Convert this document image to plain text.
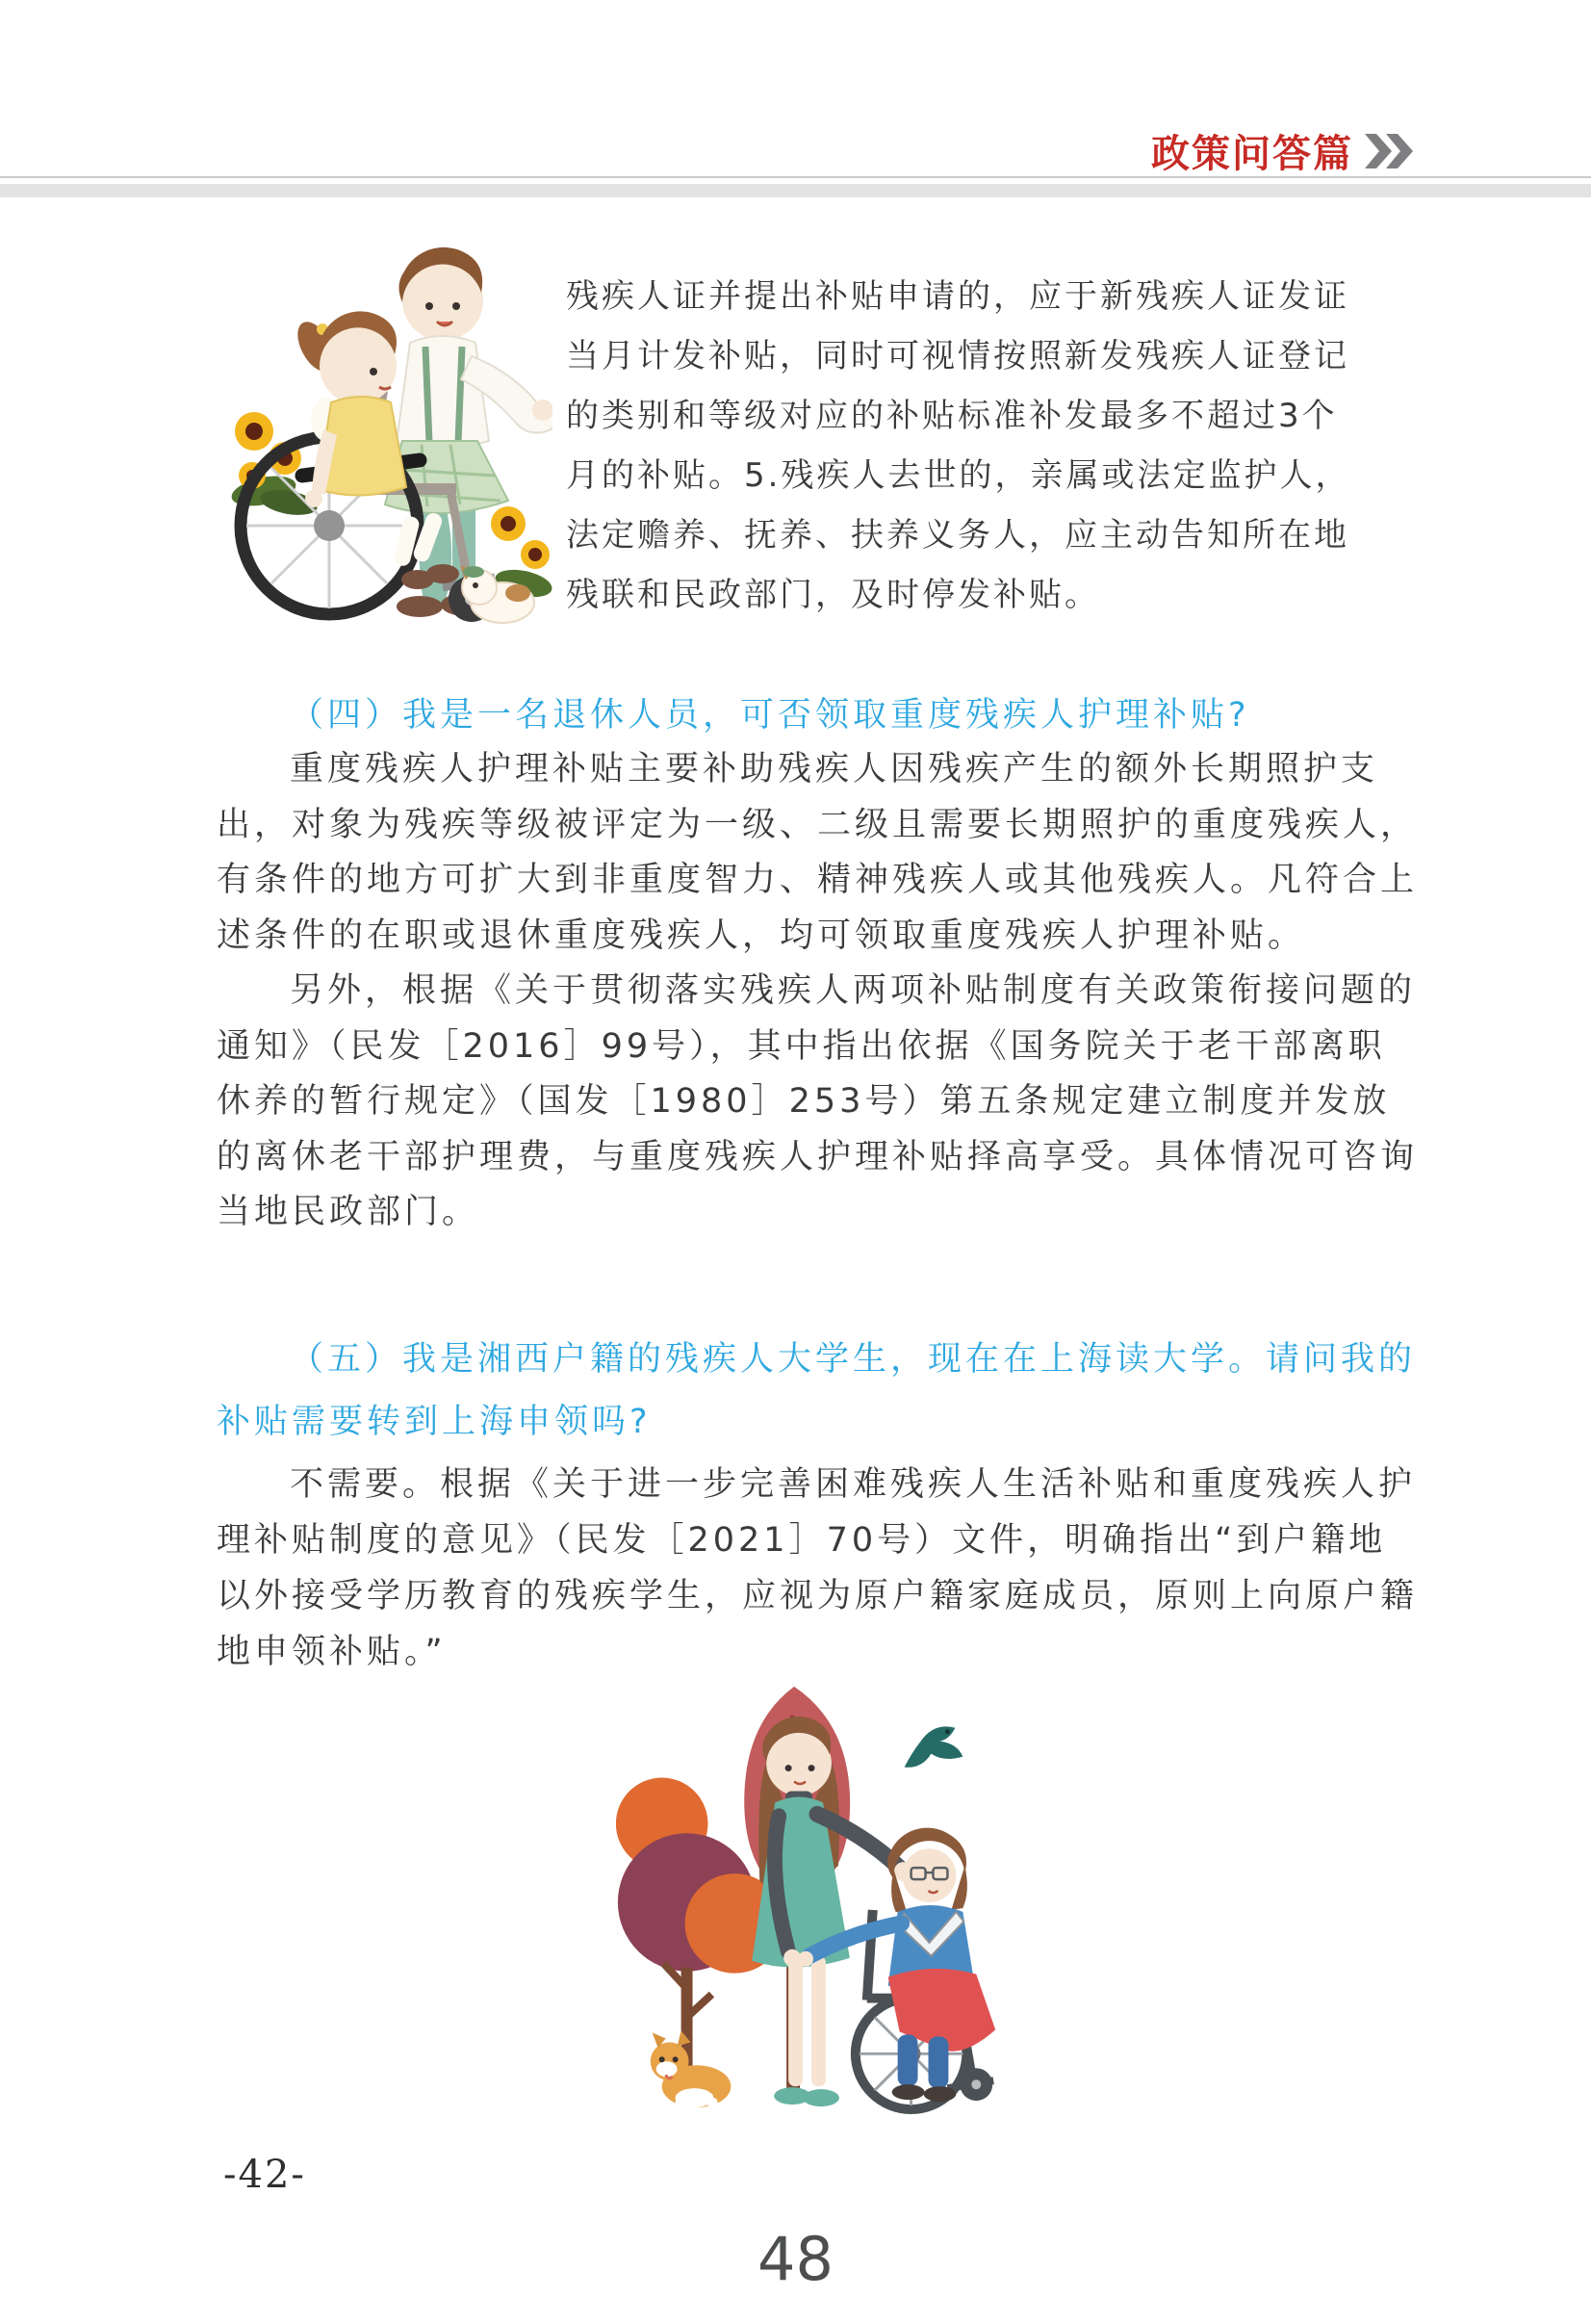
政策问答篇
残疾人证并提出补贴申请的，应于新残疾人证发证
当月计发补贴，同时可视情按照新发残疾人证登记
的类别和等级对应的补贴标准补发最多不超过3个
月的补贴。5.残疾人去世的，亲属或法定监护人，
法定赡养、抚养、扶养义务人，应主动告知所在地
残联和民政部门，及时停发补贴。
（四）我是一名退休人员，可否领取重度残疾人护理补贴?
重度残疾人护理补贴主要补助残疾人因残疾产生的额外长期照护支
出，对象为残疾等级被评定为一级、二级且需要长期照护的重度残疾人，
有条件的地方可扩大到非重度智力、精神残疾人或其他残疾人。凡符合上
述条件的在职或退休重度残疾人，均可领取重度残疾人护理补贴。
另外，根据《关于贯彻落实残疾人两项补贴制度有关政策衔接问题的
通知》（民发［2016］99号），其中指出依据《国务院关于老干部离职
休养的暂行规定》（国发［1980］253号）第五条规定建立制度并发放
的离休老干部护理费，与重度残疾人护理补贴择高享受。具体情况可咨询
当地民政部门。
（五）我是湘西户籍的残疾人大学生，现在在上海读大学。请问我的
补贴需要转到上海申领吗?
不需要。根据《关于进一步完善困难残疾人生活补贴和重度残疾人护
理补贴制度的意见》（民发［2021］70号）文件，明确指出“到户籍地
以外接受学历教育的残疾学生，应视为原户籍家庭成员，原则上向原户籍
地申领补贴。”
-42-
48
